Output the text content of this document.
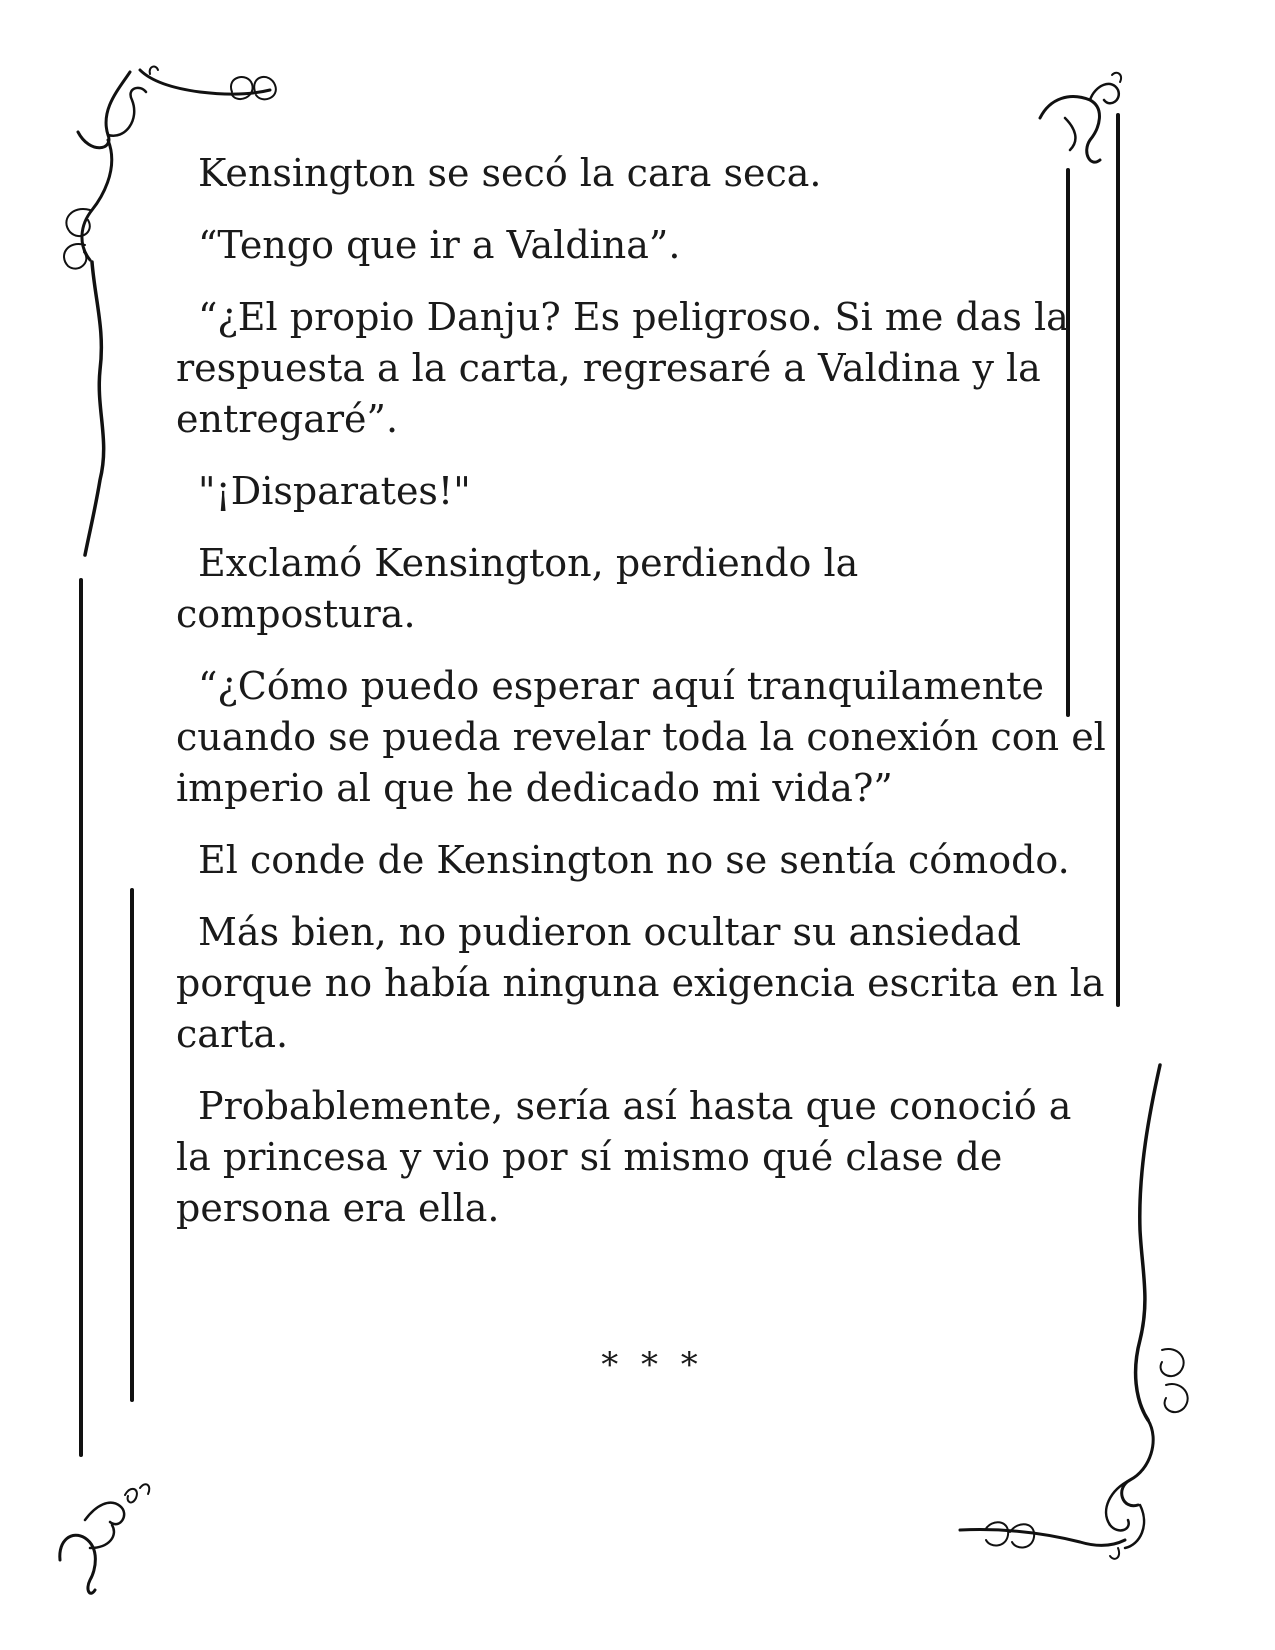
Kensington se secó la cara seca.

“Tengo que ir a Valdina”.

“¿El propio Danju? Es peligroso. Si me das la respuesta a la carta, regresaré a Valdina y la entregaré”.

"¡Disparates!"

Exclamó Kensington, perdiendo la compostura.

“¿Cómo puedo esperar aquí tranquilamente cuando se pueda revelar toda la conexión con el imperio al que he dedicado mi vida?”

El conde de Kensington no se sentía cómodo.

Más bien, no pudieron ocultar su ansiedad porque no había ninguna exigencia escrita en la carta.

Probablemente, sería así hasta que conoció a la princesa y vio por sí mismo qué clase de persona era ella.

* * *
